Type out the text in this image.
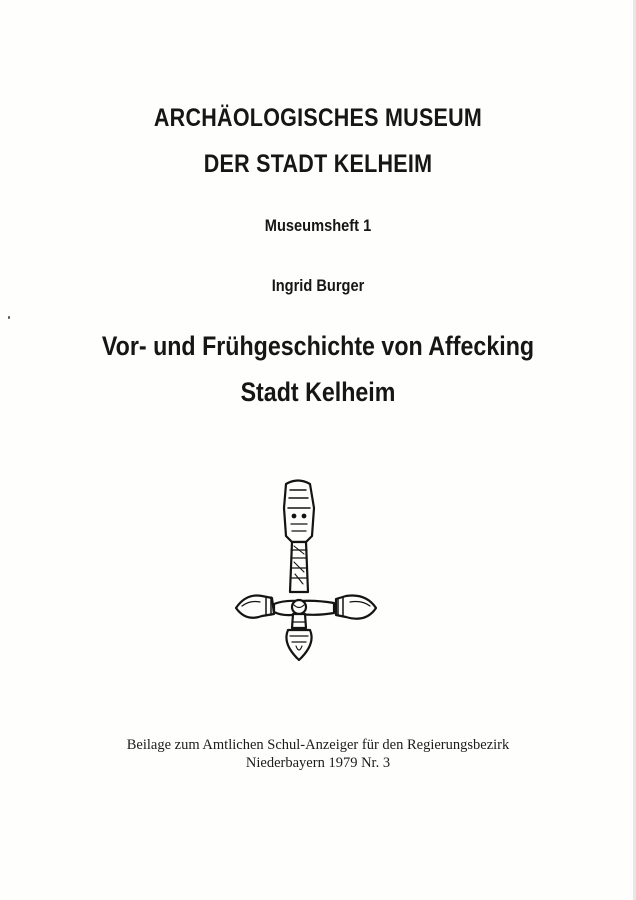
ARCHÄOLOGISCHES MUSEUM
DER STADT KELHEIM
Museumsheft 1
Ingrid Burger
Vor- und Frühgeschichte von Affecking
Stadt Kelheim
Beilage zum Amtlichen Schul-Anzeiger für den Regierungsbezirk
Niederbayern 1979 Nr. 3
